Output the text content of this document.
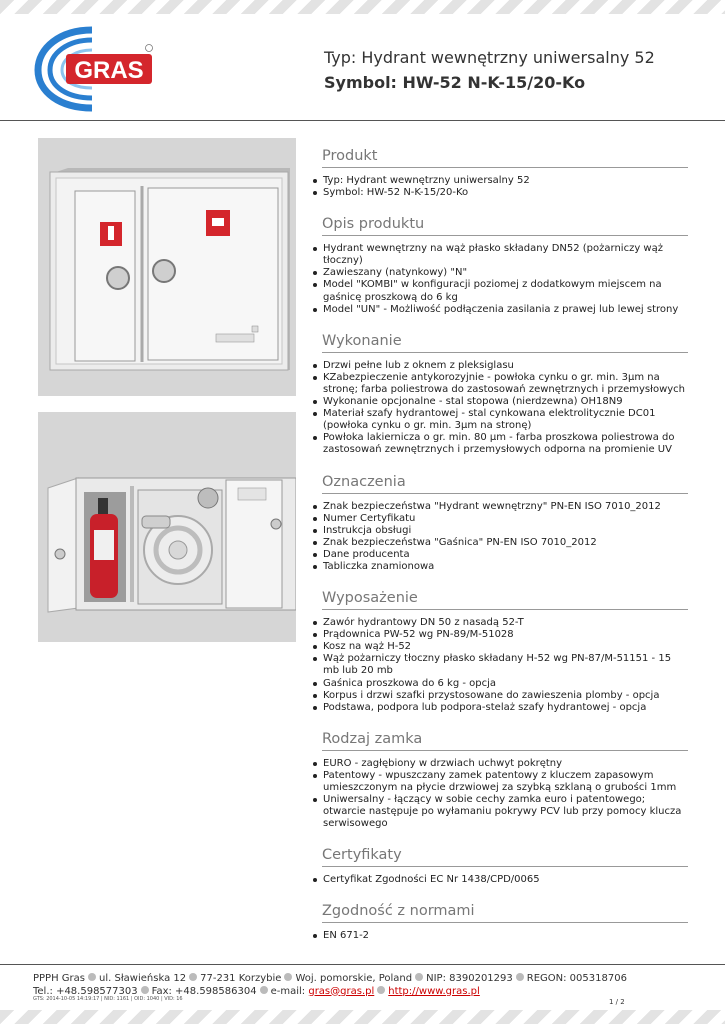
GRAS	Typ: Hydrant wewnętrzny uniwersalny 52
Symbol: HW-52 N-K-15/20-Ko
Produkt
Typ: Hydrant wewnętrzny uniwersalny 52
Symbol: HW-52 N-K-15/20-Ko
Opis produktu
Hydrant wewnętrzny na wąż płasko składany DN52 (pożarniczy wąż tłoczny)
Zawieszany (natynkowy) "N"
Model "KOMBI" w konfiguracji poziomej z dodatkowym miejscem na gaśnicę proszkową do 6 kg
Model "UN" - Możliwość podłączenia zasilania z prawej lub lewej strony
Wykonanie
Drzwi pełne lub z oknem z pleksiglasu
KZabezpieczenie antykorozyjnie - powłoka cynku o gr. min. 3µm na stronę; farba poliestrowa do zastosowań zewnętrznych i przemysłowych
Wykonanie opcjonalne - stal stopowa (nierdzewna) OH18N9
Materiał szafy hydrantowej - stal cynkowana elektrolitycznie DC01 (powłoka cynku o gr. min. 3µm na stronę)
Powłoka lakiernicza o gr. min. 80 µm - farba proszkowa poliestrowa do zastosowań zewnętrznych i przemysłowych odporna na promienie UV
Oznaczenia
Znak bezpieczeństwa "Hydrant wewnętrzny" PN-EN ISO 7010_2012
Numer Certyfikatu
Instrukcja obsługi
Znak bezpieczeństwa "Gaśnica" PN-EN ISO 7010_2012
Dane producenta
Tabliczka znamionowa
Wyposażenie
Zawór hydrantowy DN 50 z nasadą 52-T
Prądownica PW-52 wg PN-89/M-51028
Kosz na wąż H-52
Wąż pożarniczy tłoczny płasko składany H-52 wg PN-87/M-51151 - 15 mb lub 20 mb
Gaśnica proszkowa do 6 kg - opcja
Korpus i drzwi szafki przystosowane do zawieszenia plomby - opcja
Podstawa, podpora lub podpora-stelaż szafy hydrantowej - opcja
Rodzaj zamka
EURO - zagłębiony w drzwiach uchwyt pokrętny
Patentowy - wpuszczany zamek patentowy z kluczem zapasowym umieszczonym na płycie drzwiowej za szybką szklaną o grubości 1mm
Uniwersalny - łączący w sobie cechy zamka euro i patentowego; otwarcie następuje po wyłamaniu pokrywy PCV lub przy pomocy klucza serwisowego
Certyfikaty
Certyfikat Zgodności EC Nr 1438/CPD/0065
Zgodność z normami
EN 671-2
PPPH Gras ul. Sławieńska 12 77-231 Korzybie Woj. pomorskie, Poland NIP: 8390201293 REGON: 005318706
Tel.: +48.598577303 Fax: +48.598586304 e-mail: gras@gras.pl http://www.gras.pl
GTS: 2014-10-05 14:19:17 | NID: 1161 | OID: 1040 | VID: 16	1 / 2
